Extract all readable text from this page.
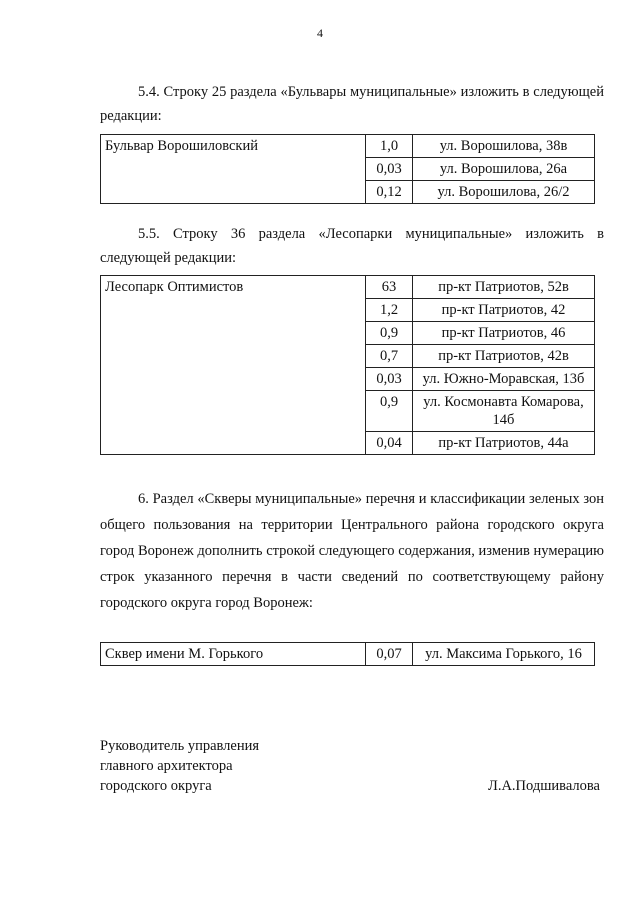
4

5.4. Строку 25 раздела «Бульвары муниципальные» изложить в следующей редакции:

Бульвар Ворошиловский	1,0	ул. Ворошилова, 38в
	0,03	ул. Ворошилова, 26а
	0,12	ул. Ворошилова, 26/2

5.5. Строку 36 раздела «Лесопарки муниципальные» изложить в следующей редакции:

Лесопарк Оптимистов	63	пр-кт Патриотов, 52в
	1,2	пр-кт Патриотов, 42
	0,9	пр-кт Патриотов, 46
	0,7	пр-кт Патриотов, 42в
	0,03	ул. Южно-Моравская, 13б
	0,9	ул. Космонавта Комарова, 14б
	0,04	пр-кт Патриотов, 44а

6. Раздел «Скверы муниципальные» перечня и классификации зеленых зон общего пользования на территории Центрального района городского округа город Воронеж дополнить строкой следующего содержания, изменив нумерацию строк указанного перечня в части сведений по соответствующему району городского округа город Воронеж:

Сквер имени М. Горького	0,07	ул. Максима Горького, 16
Руководитель управления
главного архитектора
городского округа	Л.А.Подшивалова
